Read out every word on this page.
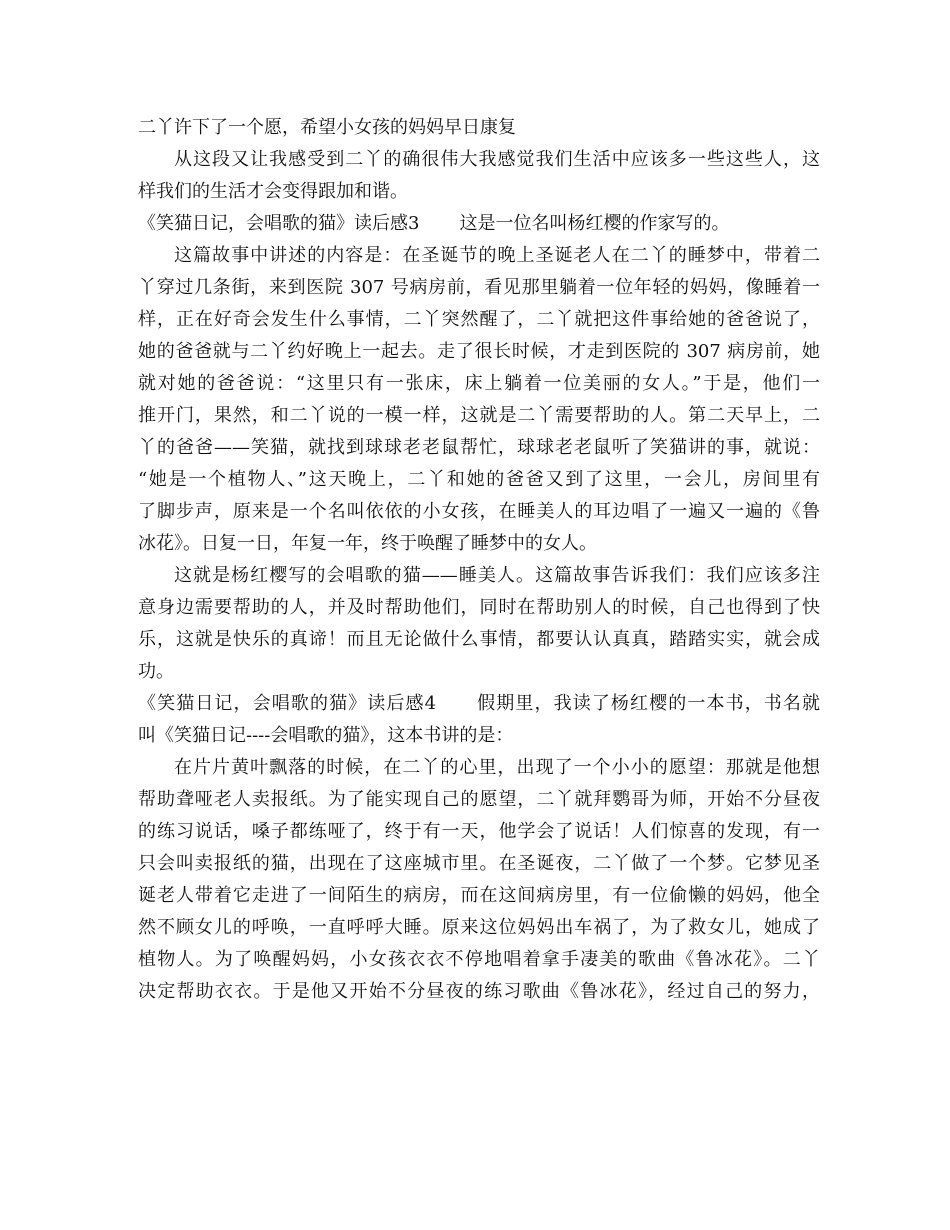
二丫许下了一个愿，希望小女孩的妈妈早日康复
从这段又让我感受到二丫的确很伟大我感觉我们生活中应该多一些这些人，这
样我们的生活才会变得跟加和谐。
《笑猫日记，会唱歌的猫》读后感3 这是一位名叫杨红樱的作家写的。
这篇故事中讲述的内容是：在圣诞节的晚上圣诞老人在二丫的睡梦中，带着二
丫穿过几条街，来到医院 307 号病房前，看见那里躺着一位年轻的妈妈，像睡着一
样，正在好奇会发生什么事情，二丫突然醒了，二丫就把这件事给她的爸爸说了，
她的爸爸就与二丫约好晚上一起去。走了很长时候，才走到医院的 307 病房前，她
就对她的爸爸说：“这里只有一张床，床上躺着一位美丽的女人。”于是，他们一
推开门，果然，和二丫说的一模一样，这就是二丫需要帮助的人。第二天早上，二
丫的爸爸——笑猫，就找到球球老老鼠帮忙，球球老老鼠听了笑猫讲的事，就说：
“她是一个植物人、”这天晚上，二丫和她的爸爸又到了这里，一会儿，房间里有
了脚步声，原来是一个名叫依依的小女孩，在睡美人的耳边唱了一遍又一遍的《鲁
冰花》。日复一日，年复一年，终于唤醒了睡梦中的女人。
这就是杨红樱写的会唱歌的猫——睡美人。这篇故事告诉我们：我们应该多注
意身边需要帮助的人，并及时帮助他们，同时在帮助别人的时候，自己也得到了快
乐，这就是快乐的真谛！而且无论做什么事情，都要认认真真，踏踏实实，就会成
功。
《笑猫日记，会唱歌的猫》读后感4 假期里，我读了杨红樱的一本书，书名就
叫《笑猫日记----会唱歌的猫》，这本书讲的是：
在片片黄叶飘落的时候，在二丫的心里，出现了一个小小的愿望：那就是他想
帮助聋哑老人卖报纸。为了能实现自己的愿望，二丫就拜鹦哥为师，开始不分昼夜
的练习说话，嗓子都练哑了，终于有一天，他学会了说话！人们惊喜的发现，有一
只会叫卖报纸的猫，出现在了这座城市里。在圣诞夜，二丫做了一个梦。它梦见圣
诞老人带着它走进了一间陌生的病房，而在这间病房里，有一位偷懒的妈妈，他全
然不顾女儿的呼唤，一直呼呼大睡。原来这位妈妈出车祸了，为了救女儿，她成了
植物人。为了唤醒妈妈，小女孩衣衣不停地唱着拿手凄美的歌曲《鲁冰花》。二丫
决定帮助衣衣。于是他又开始不分昼夜的练习歌曲《鲁冰花》，经过自己的努力，
